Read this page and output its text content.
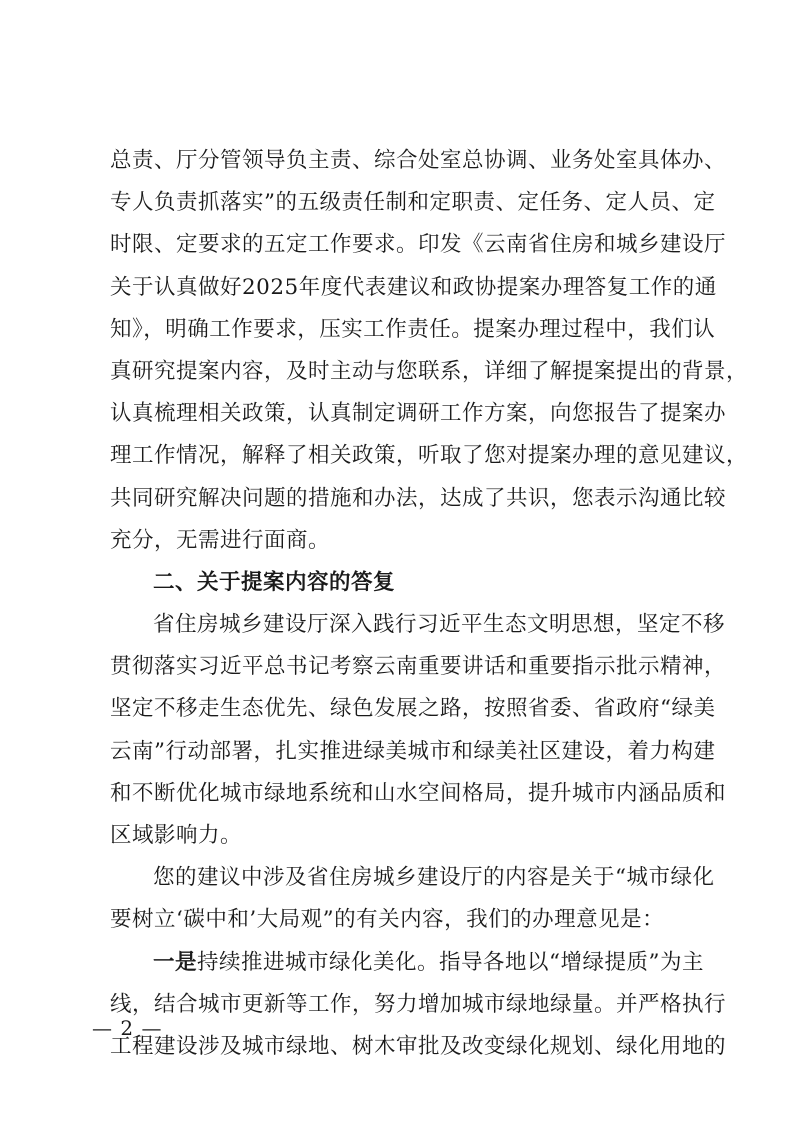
总责、厅分管领导负主责、综合处室总协调、业务处室具体办、
专人负责抓落实”的五级责任制和定职责、定任务、定人员、定
时限、定要求的五定工作要求。印发《云南省住房和城乡建设厅
关于认真做好2025年度代表建议和政协提案办理答复工作的通
知》，明确工作要求，压实工作责任。提案办理过程中，我们认
真研究提案内容，及时主动与您联系，详细了解提案提出的背景，
认真梳理相关政策，认真制定调研工作方案，向您报告了提案办
理工作情况，解释了相关政策，听取了您对提案办理的意见建议，
共同研究解决问题的措施和办法，达成了共识，您表示沟通比较
充分，无需进行面商。
二、关于提案内容的答复
省住房城乡建设厅深入践行习近平生态文明思想，坚定不移
贯彻落实习近平总书记考察云南重要讲话和重要指示批示精神，
坚定不移走生态优先、绿色发展之路，按照省委、省政府“绿美
云南”行动部署，扎实推进绿美城市和绿美社区建设，着力构建
和不断优化城市绿地系统和山水空间格局，提升城市内涵品质和
区域影响力。
您的建议中涉及省住房城乡建设厅的内容是关于“城市绿化
要树立‘碳中和’大局观”的有关内容，我们的办理意见是：
一是持续推进城市绿化美化。指导各地以“增绿提质”为主
线，结合城市更新等工作，努力增加城市绿地绿量。并严格执行
工程建设涉及城市绿地、树木审批及改变绿化规划、绿化用地的
— 2 —
